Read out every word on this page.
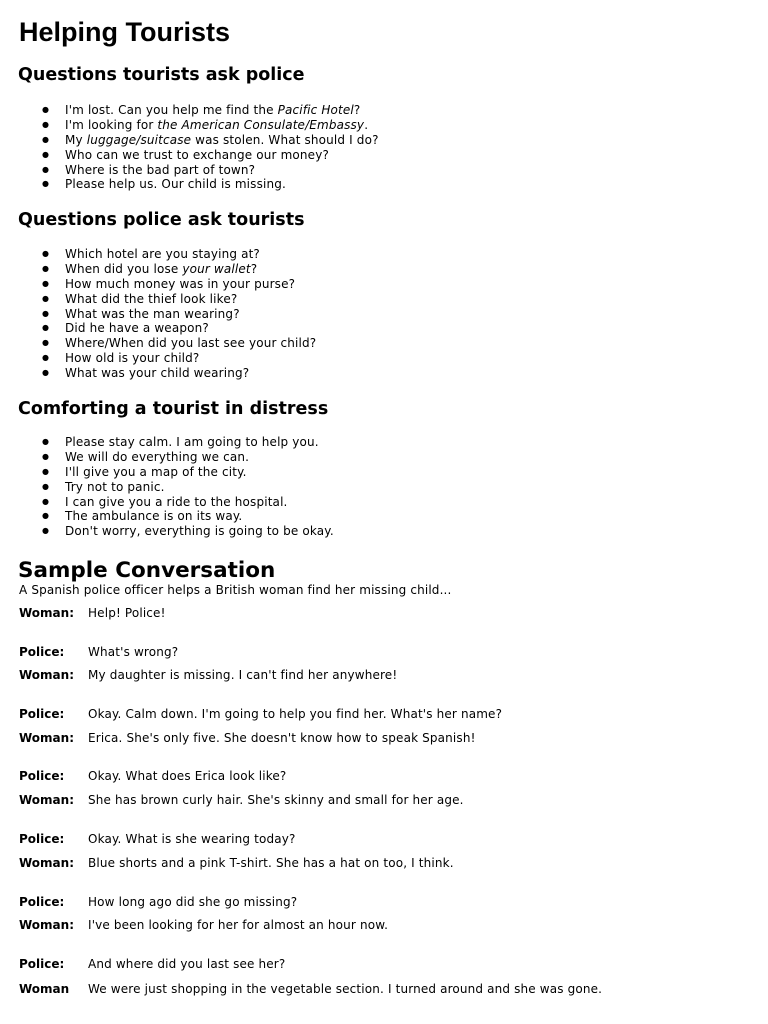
Helping Tourists
Questions tourists ask police
● I'm lost. Can you help me find the Pacific Hotel?
● I'm looking for the American Consulate/Embassy.
● My luggage/suitcase was stolen. What should I do?
● Who can we trust to exchange our money?
● Where is the bad part of town?
● Please help us. Our child is missing.
Questions police ask tourists
● Which hotel are you staying at?
● When did you lose your wallet?
● How much money was in your purse?
● What did the thief look like?
● What was the man wearing?
● Did he have a weapon?
● Where/When did you last see your child?
● How old is your child?
● What was your child wearing?
Comforting a tourist in distress
● Please stay calm. I am going to help you.
● We will do everything we can.
● I'll give you a map of the city.
● Try not to panic.
● I can give you a ride to the hospital.
● The ambulance is on its way.
● Don't worry, everything is going to be okay.
Sample Conversation
A Spanish police officer helps a British woman find her missing child...
Woman: Help! Police!
Police:	What's wrong?
Woman: My daughter is missing. I can't find her anywhere!
Police:	Okay. Calm down. I'm going to help you find her. What's her name?
Woman: Erica. She's only five. She doesn't know how to speak Spanish!
Police:	Okay. What does Erica look like?
Woman: She has brown curly hair. She's skinny and small for her age.
Police:	Okay. What is she wearing today?
Woman: Blue shorts and a pink T-shirt. She has a hat on too, I think.
Police:	How long ago did she go missing?
Woman: I've been looking for her for almost an hour now.
Police:	And where did you last see her?
Woman	We were just shopping in the vegetable section. I turned around and she was gone.
